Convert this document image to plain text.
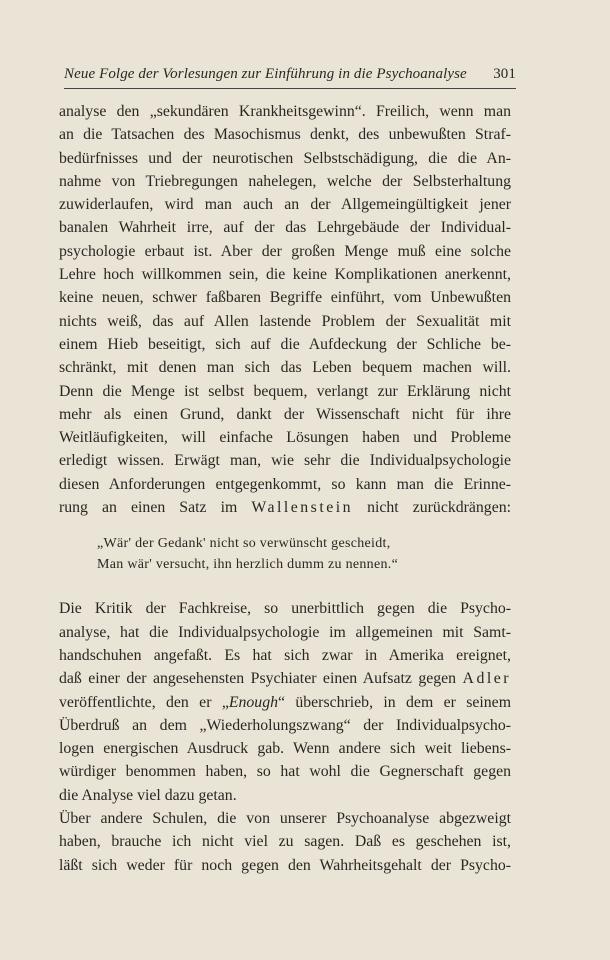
Neue Folge der Vorlesungen zur Einführung in die Psychoanalyse 301
analyse den „sekundären Krankheitsgewinn“. Freilich, wenn man
an die Tatsachen des Masochismus denkt, des unbewußten Straf-
bedürfnisses und der neurotischen Selbstschädigung, die die An-
nahme von Triebregungen nahelegen, welche der Selbsterhaltung
zuwiderlaufen, wird man auch an der Allgemeingültigkeit jener
banalen Wahrheit irre, auf der das Lehrgebäude der Individual-
psychologie erbaut ist. Aber der großen Menge muß eine solche
Lehre hoch willkommen sein, die keine Komplikationen anerkennt,
keine neuen, schwer faßbaren Begriffe einführt, vom Unbewußten
nichts weiß, das auf Allen lastende Problem der Sexualität mit
einem Hieb beseitigt, sich auf die Aufdeckung der Schliche be-
schränkt, mit denen man sich das Leben bequem machen will.
Denn die Menge ist selbst bequem, verlangt zur Erklärung nicht
mehr als einen Grund, dankt der Wissenschaft nicht für ihre
Weitläufigkeiten, will einfache Lösungen haben und Probleme
erledigt wissen. Erwägt man, wie sehr die Individualpsychologie
diesen Anforderungen entgegenkommt, so kann man die Erinne-
rung an einen Satz im Wallenstein nicht zurückdrängen:
„Wär' der Gedank' nicht so verwünscht gescheidt,
Man wär' versucht, ihn herzlich dumm zu nennen.“
Die Kritik der Fachkreise, so unerbittlich gegen die Psycho-
analyse, hat die Individualpsychologie im allgemeinen mit Samt-
handschuhen angefaßt. Es hat sich zwar in Amerika ereignet,
daß einer der angesehensten Psychiater einen Aufsatz gegen Adler
veröffentlichte, den er „Enough“ überschrieb, in dem er seinem
Überdruß an dem „Wiederholungszwang“ der Individualpsycho-
logen energischen Ausdruck gab. Wenn andere sich weit liebens-
würdiger benommen haben, so hat wohl die Gegnerschaft gegen
die Analyse viel dazu getan.
Über andere Schulen, die von unserer Psychoanalyse abgezweigt
haben, brauche ich nicht viel zu sagen. Daß es geschehen ist,
läßt sich weder für noch gegen den Wahrheitsgehalt der Psycho-
